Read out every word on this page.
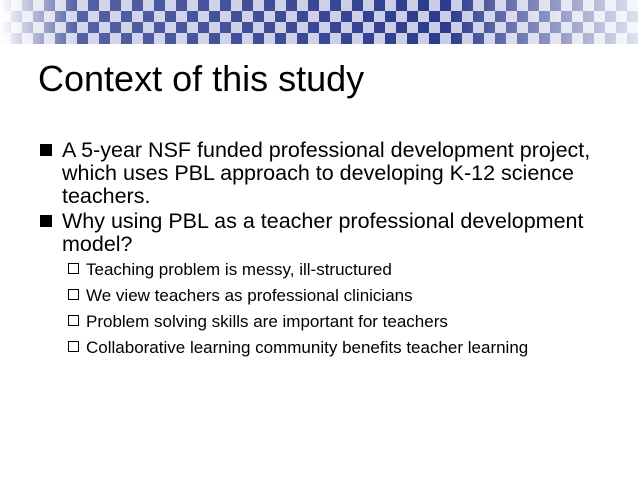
Context of this study
A 5-year NSF funded professional development project, which uses PBL approach to developing K-12 science teachers.
Why using PBL as a teacher professional development model?
Teaching problem is messy, ill-structured
We view teachers as professional clinicians
Problem solving skills are important for teachers
Collaborative learning community benefits teacher learning
